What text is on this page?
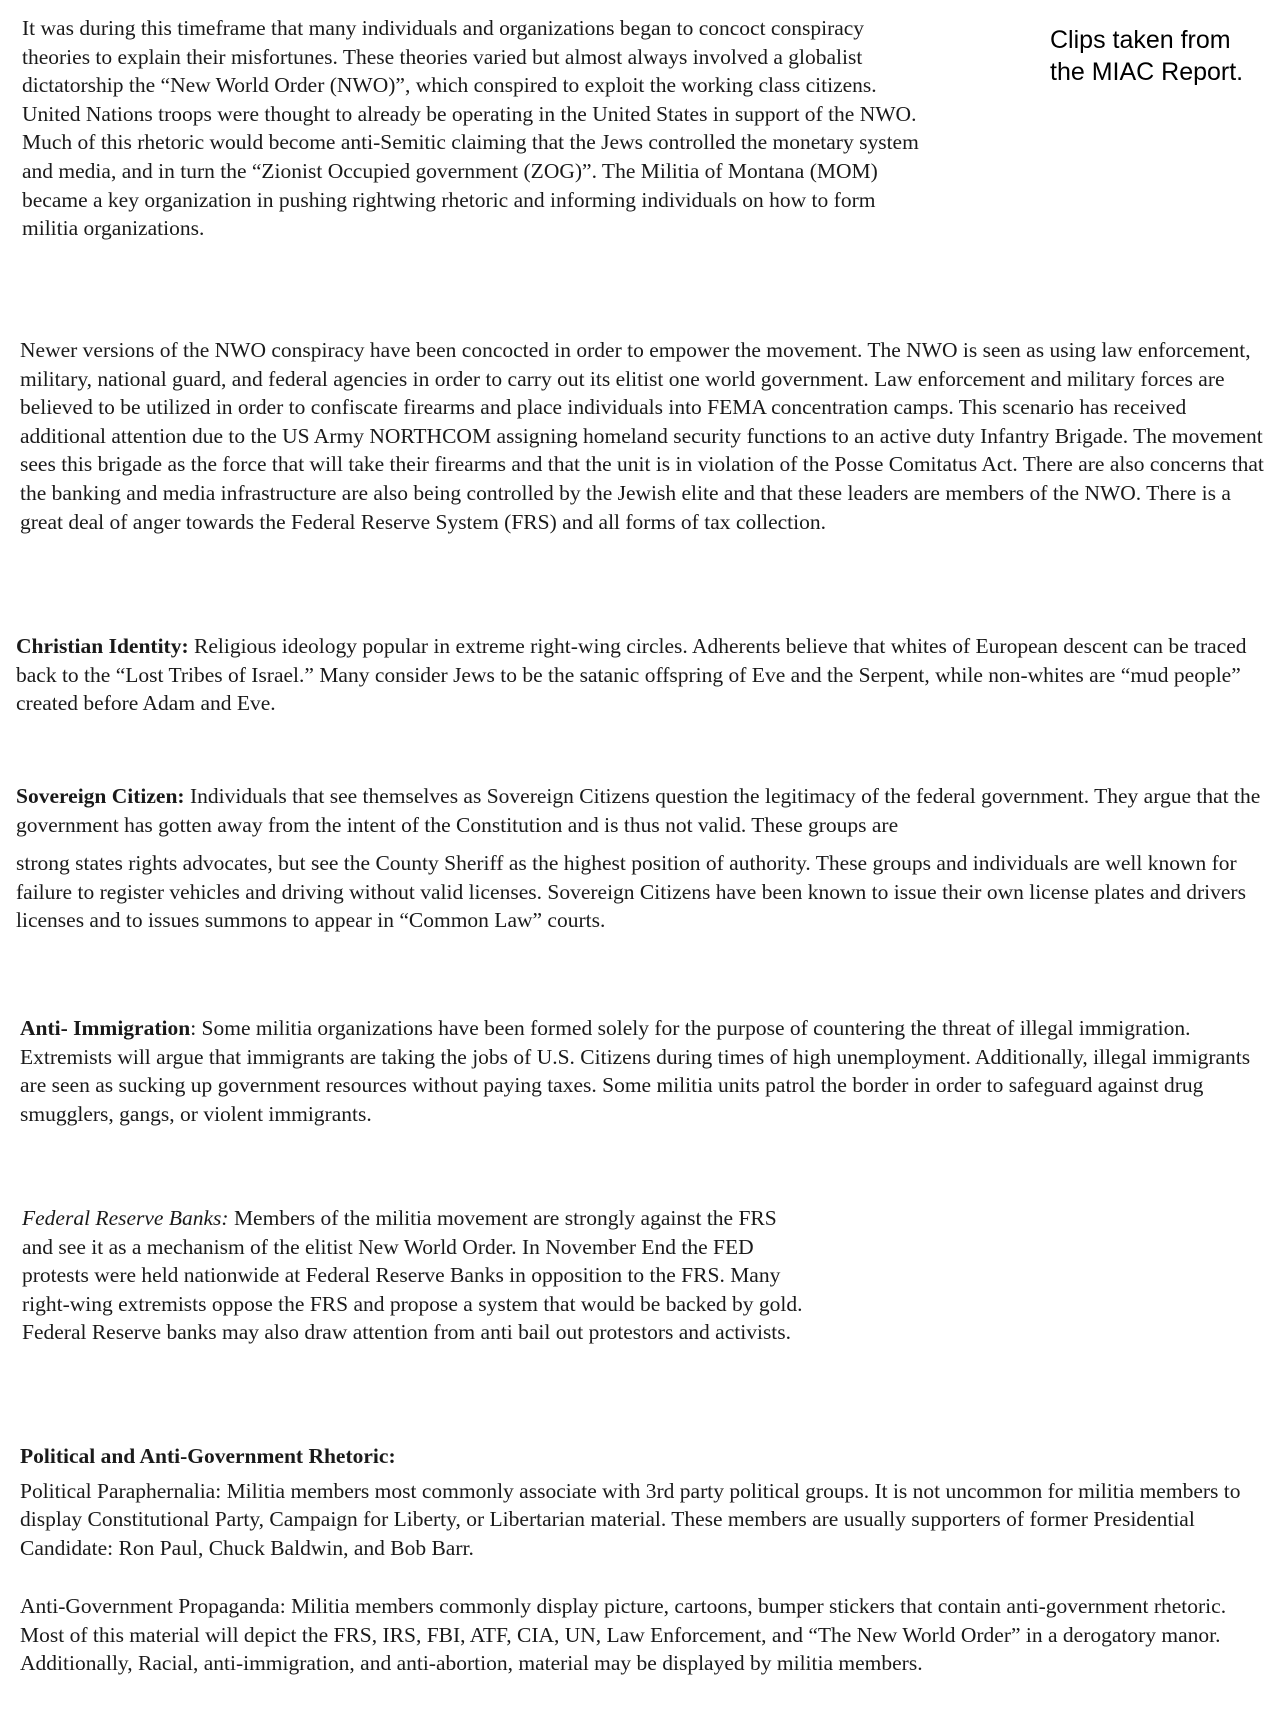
Clips taken from
the MIAC Report.

It was during this timeframe that many individuals and organizations began to concoct conspiracy theories to explain their misfortunes. These theories varied but almost always involved a globalist dictatorship the “New World Order (NWO)”, which conspired to exploit the working class citizens. United Nations troops were thought to already be operating in the United States in support of the NWO. Much of this rhetoric would become anti-Semitic claiming that the Jews controlled the monetary system and media, and in turn the “Zionist Occupied government (ZOG)”. The Militia of Montana (MOM) became a key organization in pushing rightwing rhetoric and informing individuals on how to form militia organizations.

Newer versions of the NWO conspiracy have been concocted in order to empower the movement. The NWO is seen as using law enforcement, military, national guard, and federal agencies in order to carry out its elitist one world government. Law enforcement and military forces are believed to be utilized in order to confiscate firearms and place individuals into FEMA concentration camps. This scenario has received additional attention due to the US Army NORTHCOM assigning homeland security functions to an active duty Infantry Brigade. The movement sees this brigade as the force that will take their firearms and that the unit is in violation of the Posse Comitatus Act. There are also concerns that the banking and media infrastructure are also being controlled by the Jewish elite and that these leaders are members of the NWO. There is a great deal of anger towards the Federal Reserve System (FRS) and all forms of tax collection.

Christian Identity: Religious ideology popular in extreme right-wing circles. Adherents believe that whites of European descent can be traced back to the “Lost Tribes of Israel.” Many consider Jews to be the satanic offspring of Eve and the Serpent, while non-whites are “mud people” created before Adam and Eve.

Sovereign Citizen: Individuals that see themselves as Sovereign Citizens question the legitimacy of the federal government. They argue that the government has gotten away from the intent of the Constitution and is thus not valid. These groups are
strong states rights advocates, but see the County Sheriff as the highest position of authority. These groups and individuals are well known for failure to register vehicles and driving without valid licenses. Sovereign Citizens have been known to issue their own license plates and drivers licenses and to issues summons to appear in “Common Law” courts.

Anti- Immigration: Some militia organizations have been formed solely for the purpose of countering the threat of illegal immigration. Extremists will argue that immigrants are taking the jobs of U.S. Citizens during times of high unemployment. Additionally, illegal immigrants are seen as sucking up government resources without paying taxes. Some militia units patrol the border in order to safeguard against drug smugglers, gangs, or violent immigrants.

Federal Reserve Banks: Members of the militia movement are strongly against the FRS and see it as a mechanism of the elitist New World Order. In November End the FED protests were held nationwide at Federal Reserve Banks in opposition to the FRS. Many right-wing extremists oppose the FRS and propose a system that would be backed by gold. Federal Reserve banks may also draw attention from anti bail out protestors and activists.

Political and Anti-Government Rhetoric:
Political Paraphernalia: Militia members most commonly associate with 3rd party political groups. It is not uncommon for militia members to display Constitutional Party, Campaign for Liberty, or Libertarian material. These members are usually supporters of former Presidential Candidate: Ron Paul, Chuck Baldwin, and Bob Barr.

Anti-Government Propaganda: Militia members commonly display picture, cartoons, bumper stickers that contain anti-government rhetoric. Most of this material will depict the FRS, IRS, FBI, ATF, CIA, UN, Law Enforcement, and “The New World Order” in a derogatory manor. Additionally, Racial, anti-immigration, and anti-abortion, material may be displayed by militia members.
